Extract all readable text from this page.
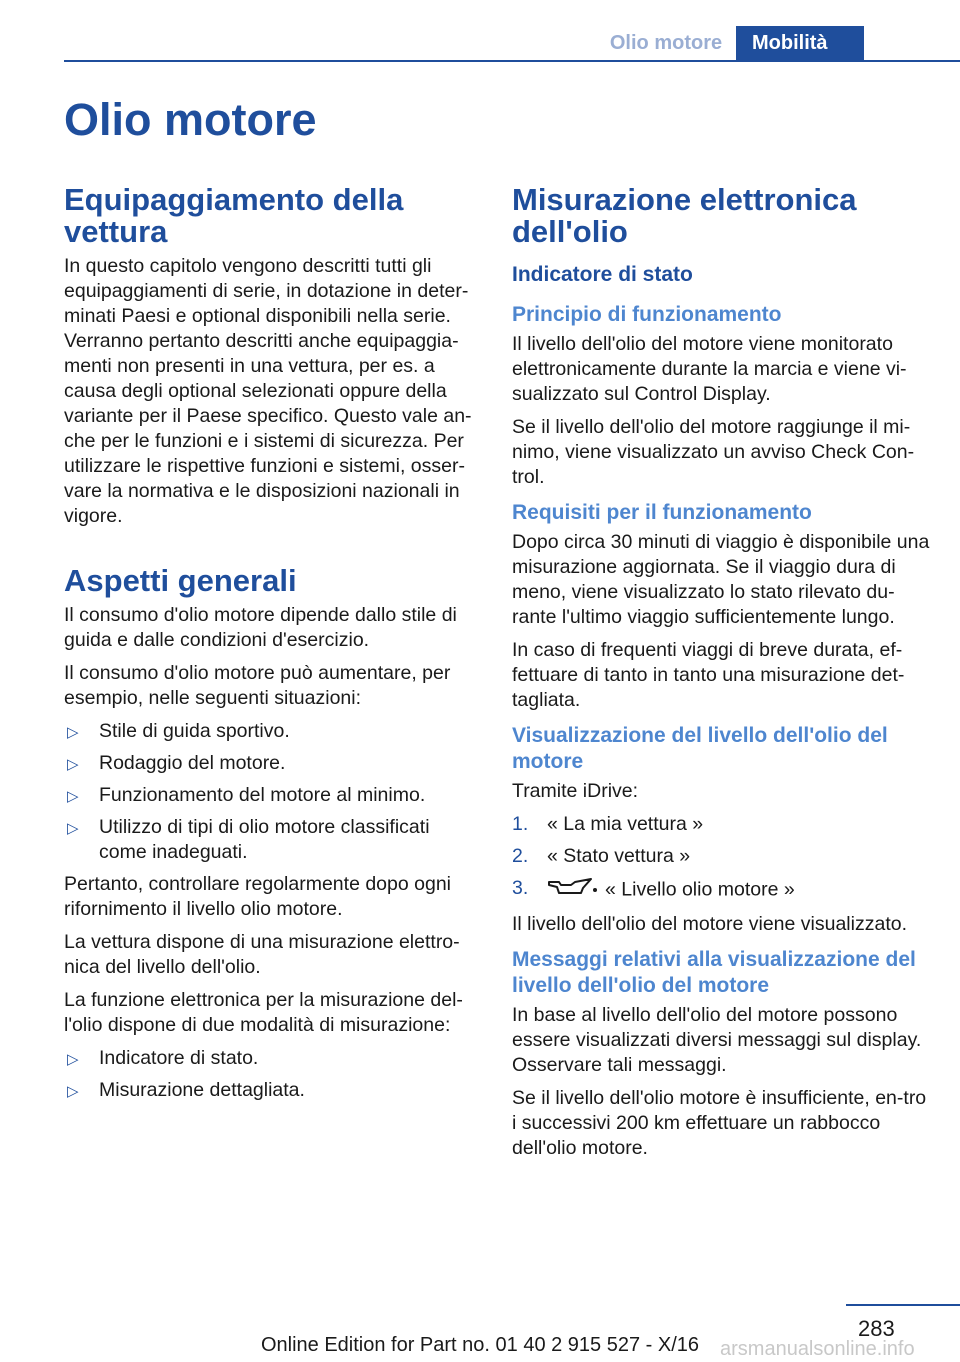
Olio motore	Mobilità
Olio motore
Equipaggiamento della vettura

In questo capitolo vengono descritti tutti gli equipaggiamenti di serie, in dotazione in deter-minati Paesi e optional disponibili nella serie. Verranno pertanto descritti anche equipaggia-menti non presenti in una vettura, per es. a causa degli optional selezionati oppure della variante per il Paese specifico. Questo vale an-che per le funzioni e i sistemi di sicurezza. Per utilizzare le rispettive funzioni e sistemi, osser-vare la normativa e le disposizioni nazionali in vigore.

Aspetti generali

Il consumo d'olio motore dipende dallo stile di guida e dalle condizioni d'esercizio.

Il consumo d'olio motore può aumentare, per esempio, nelle seguenti situazioni:

▷ Stile di guida sportivo.
▷ Rodaggio del motore.
▷ Funzionamento del motore al minimo.
▷ Utilizzo di tipi di olio motore classificati come inadeguati.

Pertanto, controllare regolarmente dopo ogni rifornimento il livello olio motore.

La vettura dispone di una misurazione elettro-nica del livello dell'olio.

La funzione elettronica per la misurazione del-l'olio dispone di due modalità di misurazione:

▷ Indicatore di stato.
▷ Misurazione dettagliata.
Misurazione elettronica dell'olio
Indicatore di stato
Principio di funzionamento

Il livello dell'olio del motore viene monitorato elettronicamente durante la marcia e viene vi-sualizzato sul Control Display.

Se il livello dell'olio del motore raggiunge il mi-nimo, viene visualizzato un avviso Check Con-trol.

Requisiti per il funzionamento

Dopo circa 30 minuti di viaggio è disponibile una misurazione aggiornata. Se il viaggio dura di meno, viene visualizzato lo stato rilevato du-rante l'ultimo viaggio sufficientemente lungo.

In caso di frequenti viaggi di breve durata, ef-fettuare di tanto in tanto una misurazione det-tagliata.

Visualizzazione del livello dell'olio del motore

Tramite iDrive:

1. « La mia vettura »
2. « Stato vettura »
3.	« Livello olio motore »

Il livello dell'olio del motore viene visualizzato.

Messaggi relativi alla visualizzazione del livello dell'olio del motore

In base al livello dell'olio del motore possono essere visualizzati diversi messaggi sul display. Osservare tali messaggi.

Se il livello dell'olio motore è insufficiente, en-tro i successivi 200 km effettuare un rabbocco dell'olio motore.

283
Online Edition for Part no. 01 40 2 915 527 - X/16	arsmanualsonline.info
